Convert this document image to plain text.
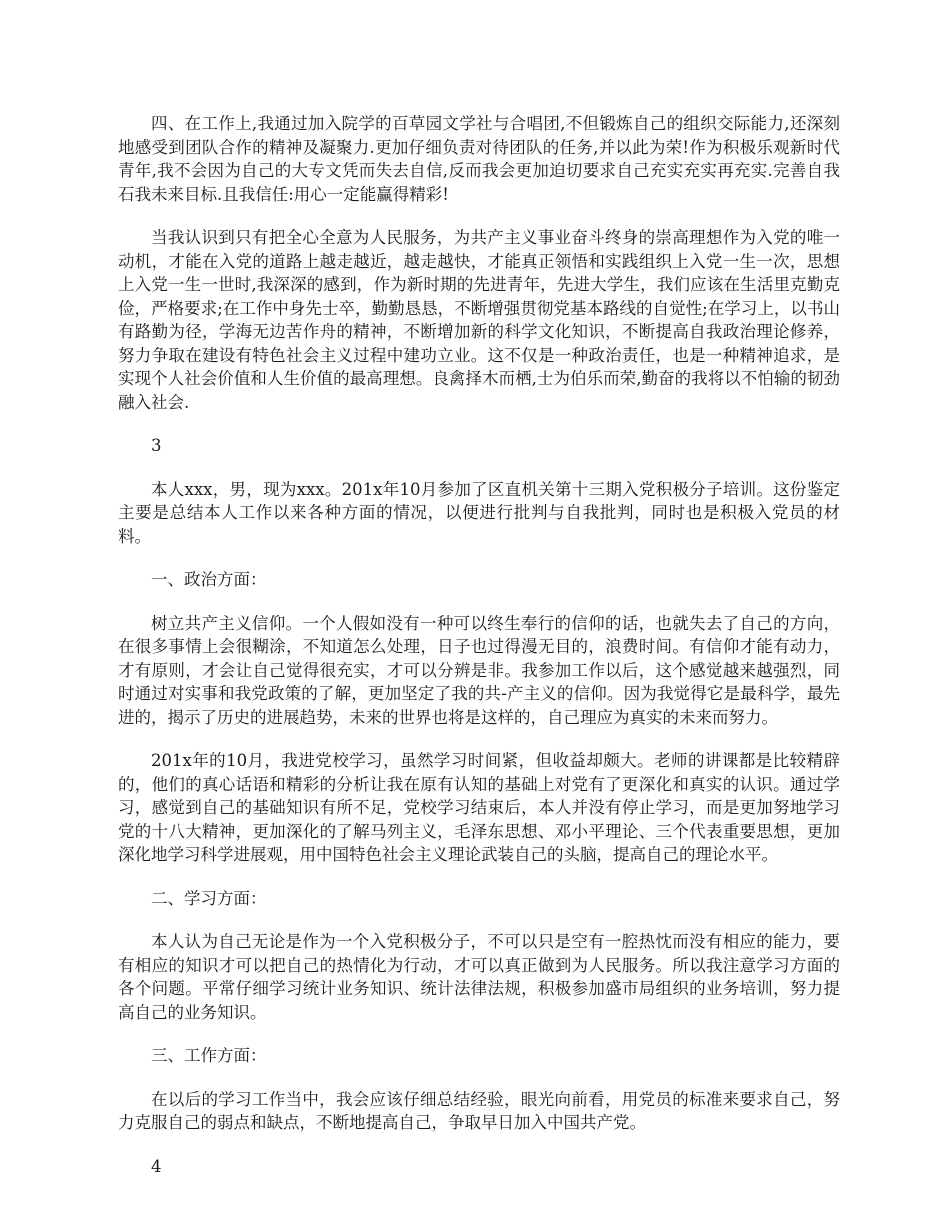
四、在工作上,我通过加入院学的百草园文学社与合唱团,不但锻炼自己的组织交际能力,还深刻地感受到团队合作的精神及凝聚力.更加仔细负责对待团队的任务,并以此为荣!作为积极乐观新时代青年,我不会因为自己的大专文凭而失去自信,反而我会更加迫切要求自己充实充实再充实.完善自我石我未来目标.且我信任:用心一定能赢得精彩!

当我认识到只有把全心全意为人民服务，为共产主义事业奋斗终身的崇高理想作为入党的唯一动机，才能在入党的道路上越走越近，越走越快，才能真正领悟和实践组织上入党一生一次，思想上入党一生一世时,我深深的感到，作为新时期的先进青年，先进大学生，我们应该在生活里克勤克俭，严格要求;在工作中身先士卒，勤勤恳恳，不断增强贯彻党基本路线的自觉性;在学习上，以书山有路勤为径，学海无边苦作舟的精神，不断增加新的科学文化知识，不断提高自我政治理论修养，努力争取在建设有特色社会主义过程中建功立业。这不仅是一种政治责任，也是一种精神追求，是实现个人社会价值和人生价值的最高理想。良禽择木而栖,士为伯乐而荣,勤奋的我将以不怕输的韧劲融入社会.

3

本人xxx，男，现为xxx。201x年10月参加了区直机关第十三期入党积极分子培训。这份鉴定主要是总结本人工作以来各种方面的情况，以便进行批判与自我批判，同时也是积极入党员的材料。

一、政治方面：

树立共产主义信仰。一个人假如没有一种可以终生奉行的信仰的话，也就失去了自己的方向，在很多事情上会很糊涂，不知道怎么处理，日子也过得漫无目的，浪费时间。有信仰才能有动力，才有原则，才会让自己觉得很充实，才可以分辨是非。我参加工作以后，这个感觉越来越强烈，同时通过对实事和我党政策的了解，更加坚定了我的共-产主义的信仰。因为我觉得它是最科学，最先进的，揭示了历史的进展趋势，未来的世界也将是这样的，自己理应为真实的未来而努力。

201x年的10月，我进党校学习，虽然学习时间紧，但收益却颇大。老师的讲课都是比较精辟的，他们的真心话语和精彩的分析让我在原有认知的基础上对党有了更深化和真实的认识。通过学习，感觉到自己的基础知识有所不足，党校学习结束后，本人并没有停止学习，而是更加努地学习党的十八大精神，更加深化的了解马列主义，毛泽东思想、邓小平理论、三个代表重要思想，更加深化地学习科学进展观，用中国特色社会主义理论武装自己的头脑，提高自己的理论水平。

二、学习方面：

本人认为自己无论是作为一个入党积极分子，不可以只是空有一腔热忱而没有相应的能力，要有相应的知识才可以把自己的热情化为行动，才可以真正做到为人民服务。所以我注意学习方面的各个问题。平常仔细学习统计业务知识、统计法律法规，积极参加盛市局组织的业务培训，努力提高自己的业务知识。

三、工作方面：

在以后的学习工作当中，我会应该仔细总结经验，眼光向前看，用党员的标准来要求自己，努力克服自己的弱点和缺点，不断地提高自己，争取早日加入中国共产党。

4
